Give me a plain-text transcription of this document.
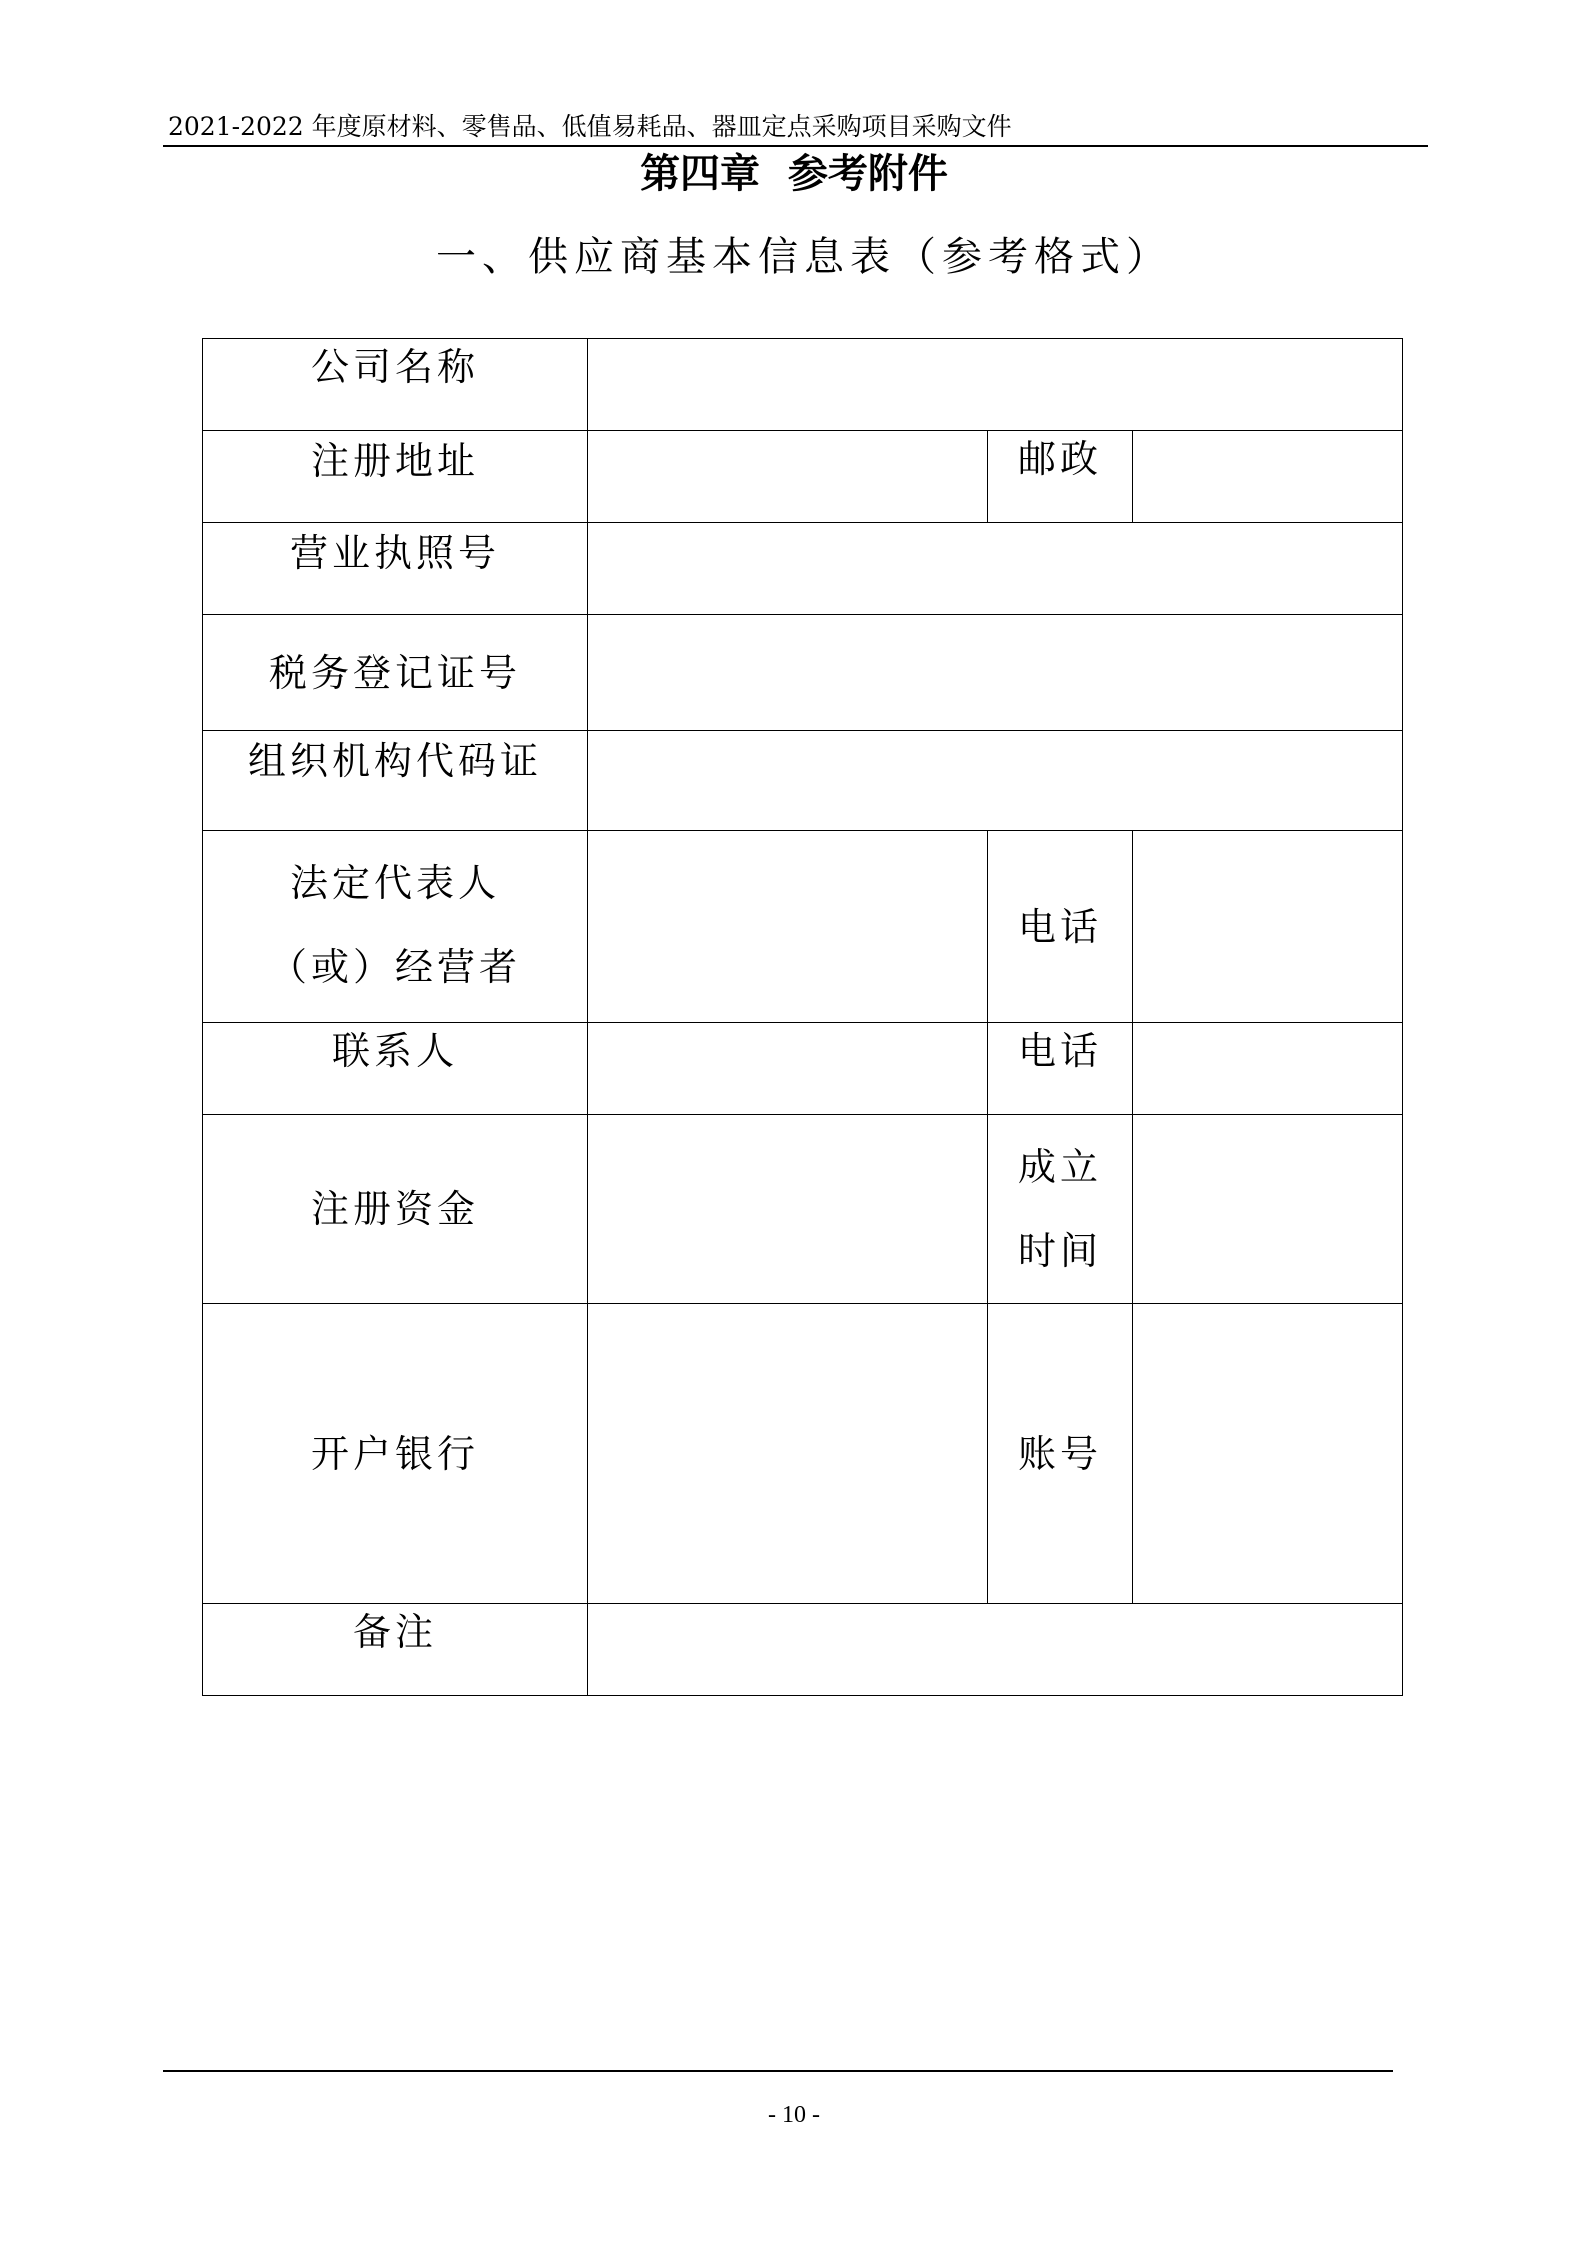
2021-2022 年度原材料、零售品、低值易耗品、器皿定点采购项目采购文件
第四章  参考附件
一、供应商基本信息表（参考格式）
公司名称			
注册地址		邮政	
营业执照号			
税务登记证号			
组织机构代码证			

法定代表人
（或）经营者		电话	
联系人		电话	
注册资金		成立
时间	

开户银行		账号	
备注			
- 10 -
